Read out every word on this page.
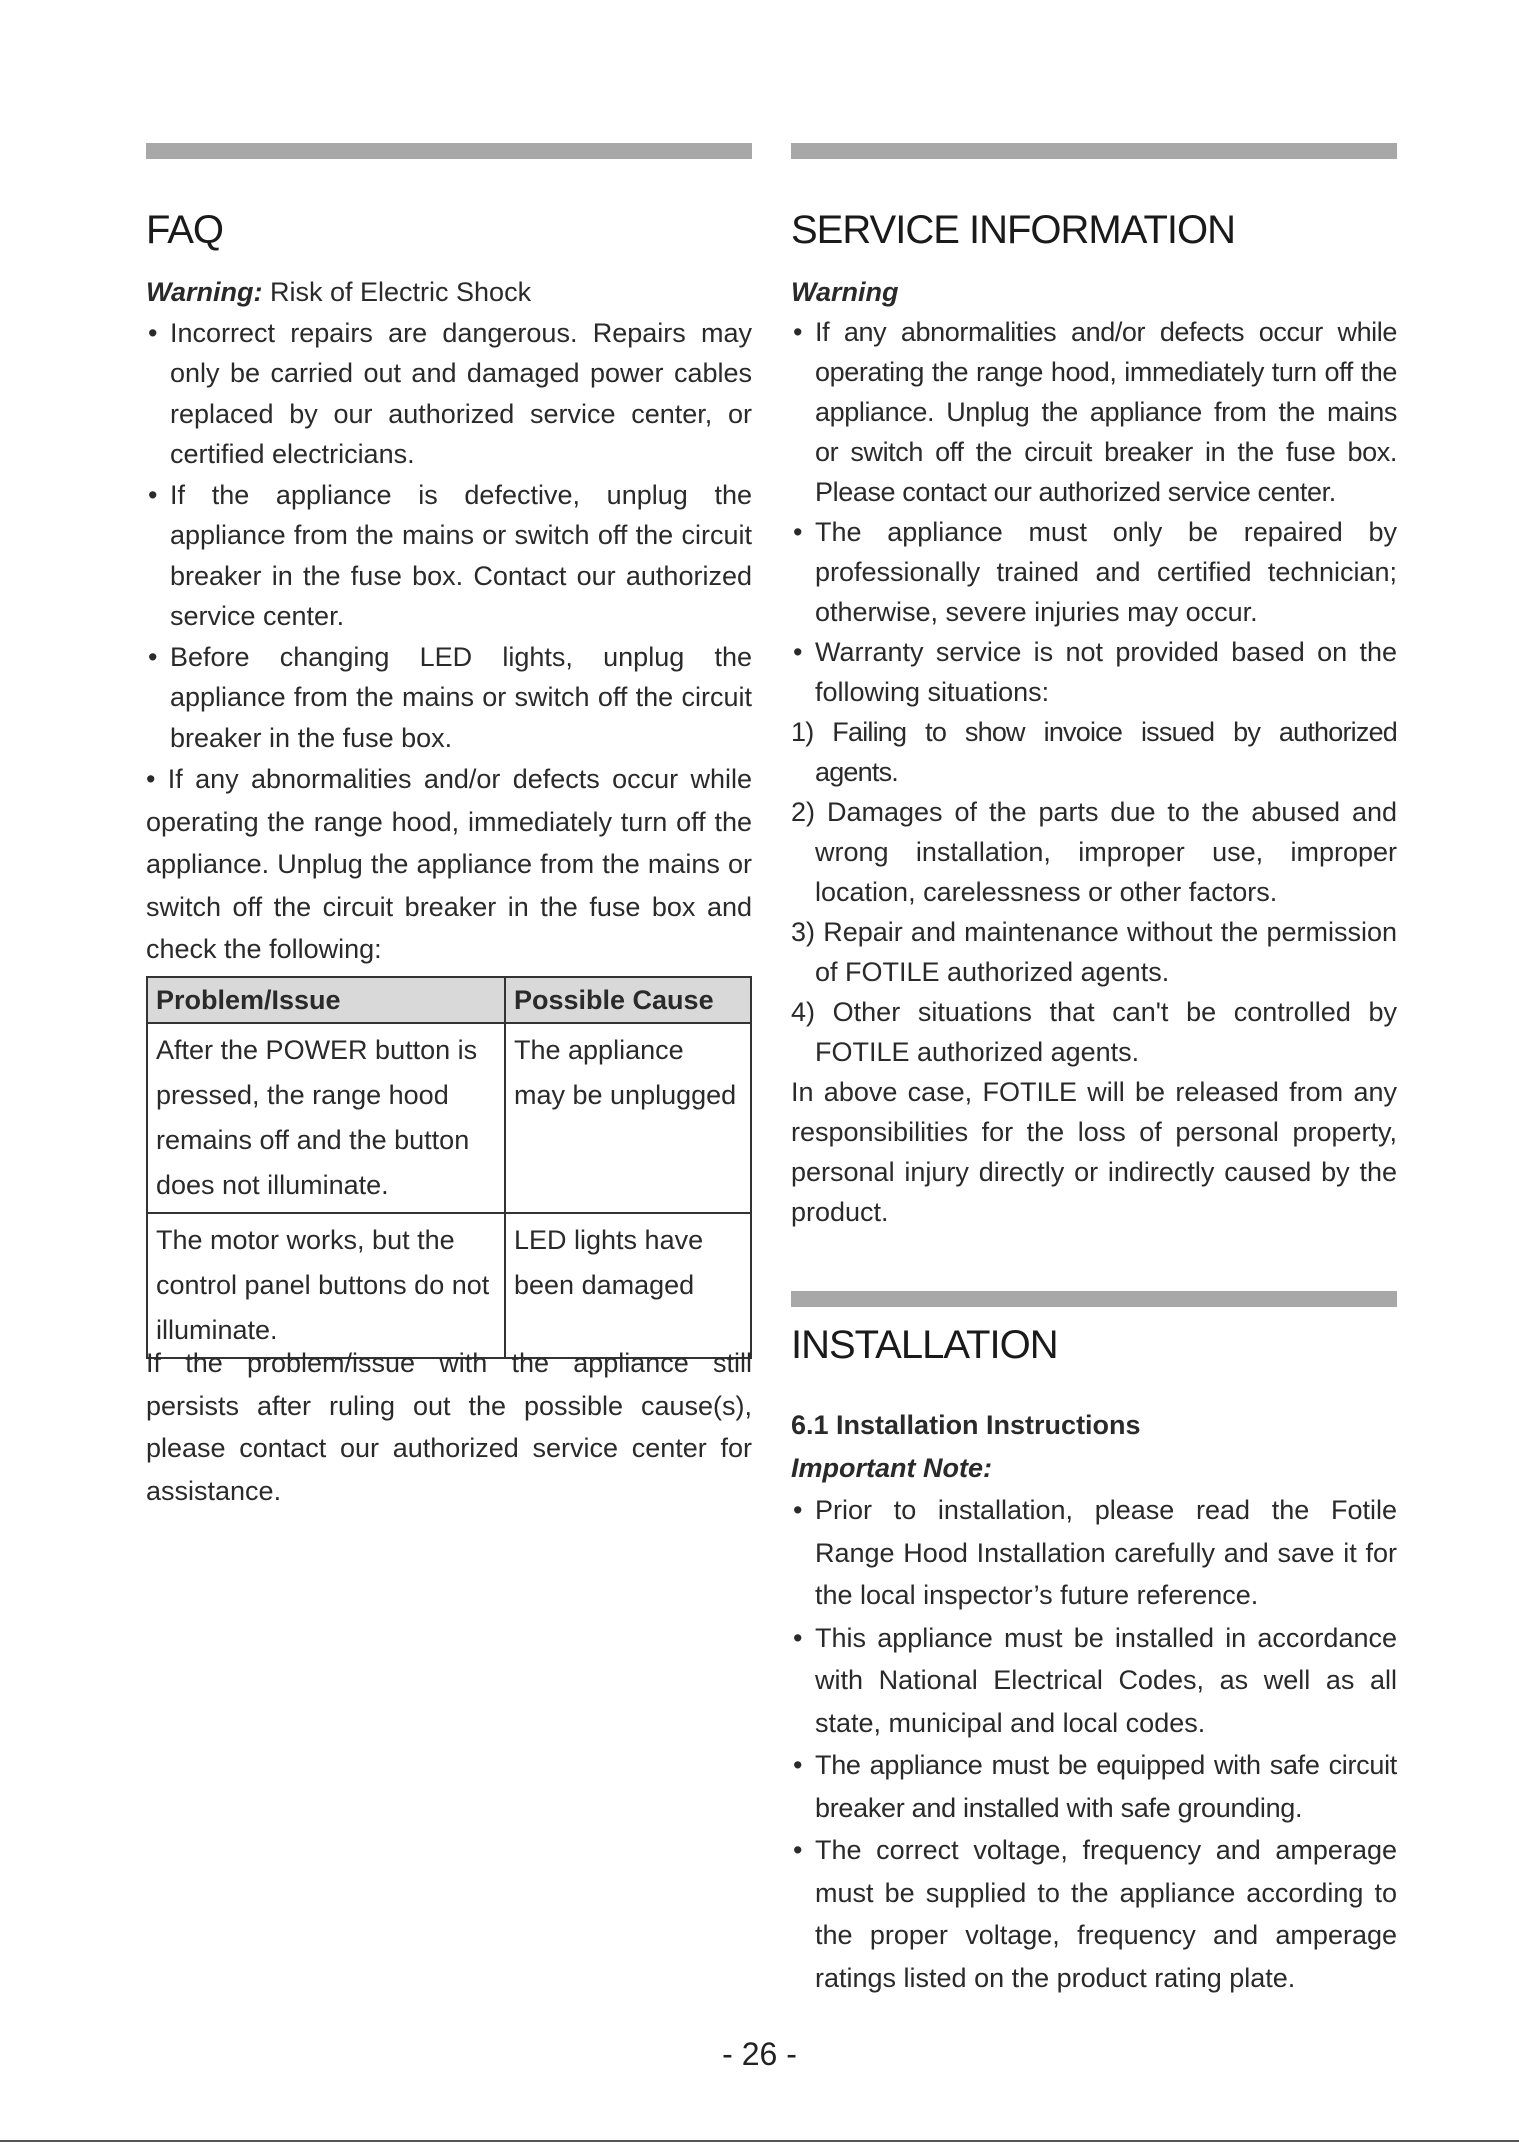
FAQ
Warning: Risk of Electric Shock
• Incorrect repairs are dangerous. Repairs may only be carried out and damaged power cables replaced by our authorized service center, or certified electricians.
• If the appliance is defective, unplug the appliance from the mains or switch off the circuit breaker in the fuse box. Contact our authorized service center.
• Before changing LED lights, unplug the appliance from the mains or switch off the circuit breaker in the fuse box.
• If any abnormalities and/or defects occur while operating the range hood, immediately turn off the appliance. Unplug the appliance from the mains or switch off the circuit breaker in the fuse box and check the following:
Problem/Issue	Possible Cause
After the POWER button is pressed, the range hood remains off and the button does not illuminate.	The appliance may be unplugged
The motor works, but the control panel buttons do not illuminate.	LED lights have been damaged
If the problem/issue with the appliance still persists after ruling out the possible cause(s), please contact our authorized service center for assistance.
SERVICE INFORMATION
Warning
• If any abnormalities and/or defects occur while operating the range hood, immediately turn off the appliance. Unplug the appliance from the mains or switch off the circuit breaker in the fuse box. Please contact our authorized service center.
• The appliance must only be repaired by professionally trained and certified technician; otherwise, severe injuries may occur.
• Warranty service is not provided based on the following situations:
1) Failing to show invoice issued by authorized agents.
2) Damages of the parts due to the abused and wrong installation, improper use, improper location, carelessness or other factors.
3) Repair and maintenance without the permission of FOTILE authorized agents.
4) Other situations that can't be controlled by FOTILE authorized agents.
In above case, FOTILE will be released from any responsibilities for the loss of personal property, personal injury directly or indirectly caused by the product.
INSTALLATION
6.1 Installation Instructions
Important Note:
• Prior to installation, please read the Fotile Range Hood Installation carefully and save it for the local inspector’s future reference.
• This appliance must be installed in accordance with National Electrical Codes, as well as all state, municipal and local codes.
• The appliance must be equipped with safe circuit breaker and installed with safe grounding.
• The correct voltage, frequency and amperage must be supplied to the appliance according to the proper voltage, frequency and amperage ratings listed on the product rating plate.
- 26 -
